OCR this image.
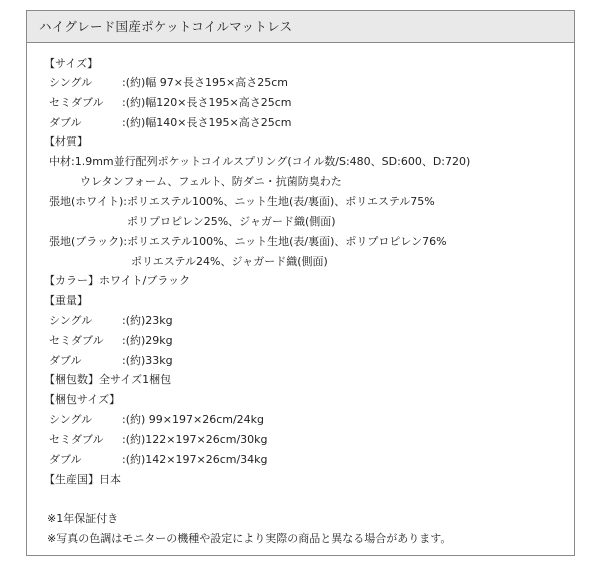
ハイグレード国産ポケットコイルマットレス
【サイズ】
シングル	:(約)幅 97×長さ195×高さ25cm
セミダブル :(約)幅120×長さ195×高さ25cm
ダブル	:(約)幅140×長さ195×高さ25cm
【材質】
中材:1.9mm並行配列ポケットコイルスプリング(コイル数/S:480、SD:600、D:720)
ウレタンフォーム、フェルト、防ダニ・抗菌防臭わた
張地(ホワイト):ポリエステル100%、ニット生地(表/裏面)、ポリエステル75%
ポリプロピレン25%、ジャガード織(側面)
張地(ブラック):ポリエステル100%、ニット生地(表/裏面)、ポリプロピレン76%
ポリエステル24%、ジャガード織(側面)
【カラー】ホワイト/ブラック
【重量】
シングル	:(約)23kg
セミダブル :(約)29kg
ダブル	:(約)33kg
【梱包数】全サイズ1梱包
【梱包サイズ】
シングル	:(約) 99×197×26cm/24kg
セミダブル :(約)122×197×26cm/30kg
ダブル	:(約)142×197×26cm/34kg
【生産国】日本
※1年保証付き
※写真の色調はモニターの機種や設定により実際の商品と異なる場合があります。
